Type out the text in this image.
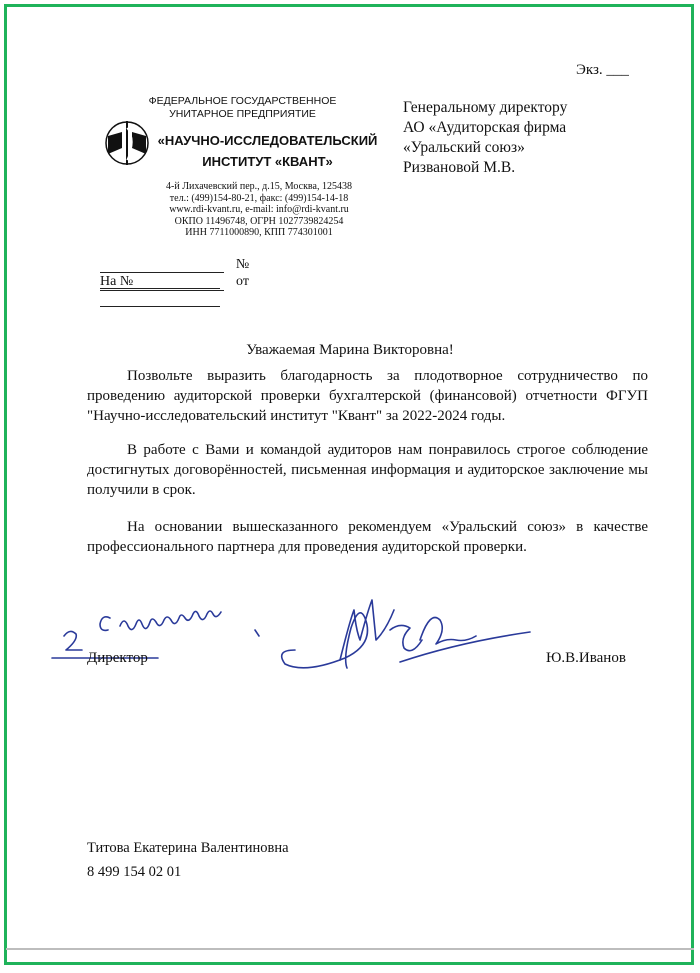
Экз. ___
ФЕДЕРАЛЬНОЕ ГОСУДАРСТВЕННОЕ
УНИТАРНОЕ ПРЕДПРИЯТИЕ
«НАУЧНО-ИССЛЕДОВАТЕЛЬСКИЙ
ИНСТИТУТ «КВАНТ»
4-й Лихачевский пер., д.15, Москва, 125438
тел.: (499)154-80-21, факс: (499)154-14-18
www.rdi-kvant.ru, e-mail: info@rdi-kvant.ru
ОКПО 11496748, ОГРН 1027739824254
ИНН 7711000890, КПП 774301001
№
На №	от
Генеральному директору
АО «Аудиторская фирма
«Уральский союз»
Ризвановой М.В.
Уважаемая Марина Викторовна!
Позвольте выразить благодарность за плодотворное сотрудничество по проведению аудиторской проверки бухгалтерской (финансовой) отчетности ФГУП "Научно-исследовательский институт "Квант" за 2022-2024 годы.
В работе с Вами и командой аудиторов нам понравилось строгое соблюдение достигнутых договорённостей, письменная информация и аудиторское заключение мы получили в срок.
На основании вышесказанного рекомендуем «Уральский союз» в качестве профессионального партнера для проведения аудиторской проверки.
Директор	Ю.В.Иванов
Титова Екатерина Валентиновна
8 499 154 02 01
